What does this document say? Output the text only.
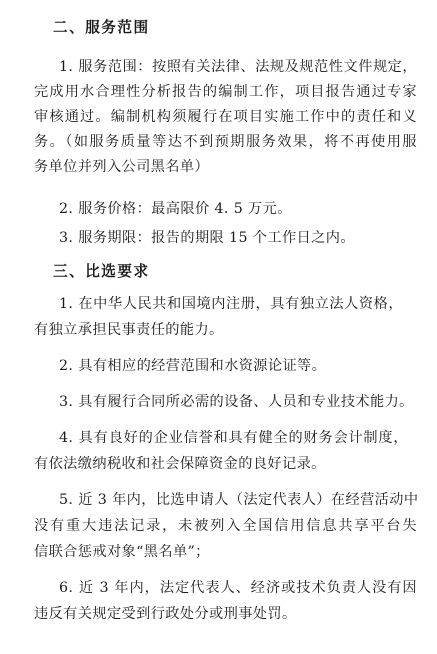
二、服务范围
1. 服务范围：按照有关法律、法规及规范性文件规定，
完成用水合理性分析报告的编制工作，项目报告通过专家
审核通过。编制机构须履行在项目实施工作中的责任和义
务。（如服务质量等达不到预期服务效果，将不再使用服
务单位并列入公司黑名单）
2. 服务价格：最高限价 4. 5 万元。
3. 服务期限：报告的期限 15 个工作日之内。
三、比选要求
1. 在中华人民共和国境内注册，具有独立法人资格，
有独立承担民事责任的能力。
2. 具有相应的经营范围和水资源论证等。
3. 具有履行合同所必需的设备、人员和专业技术能力。
4. 具有良好的企业信誉和具有健全的财务会计制度，
有依法缴纳税收和社会保障资金的良好记录。
5. 近 3 年内，比选申请人（法定代表人）在经营活动中
没有重大违法记录，未被列入全国信用信息共享平台失
信联合惩戒对象“黑名单”；
6. 近 3 年内，法定代表人、经济或技术负责人没有因
违反有关规定受到行政处分或刑事处罚。
